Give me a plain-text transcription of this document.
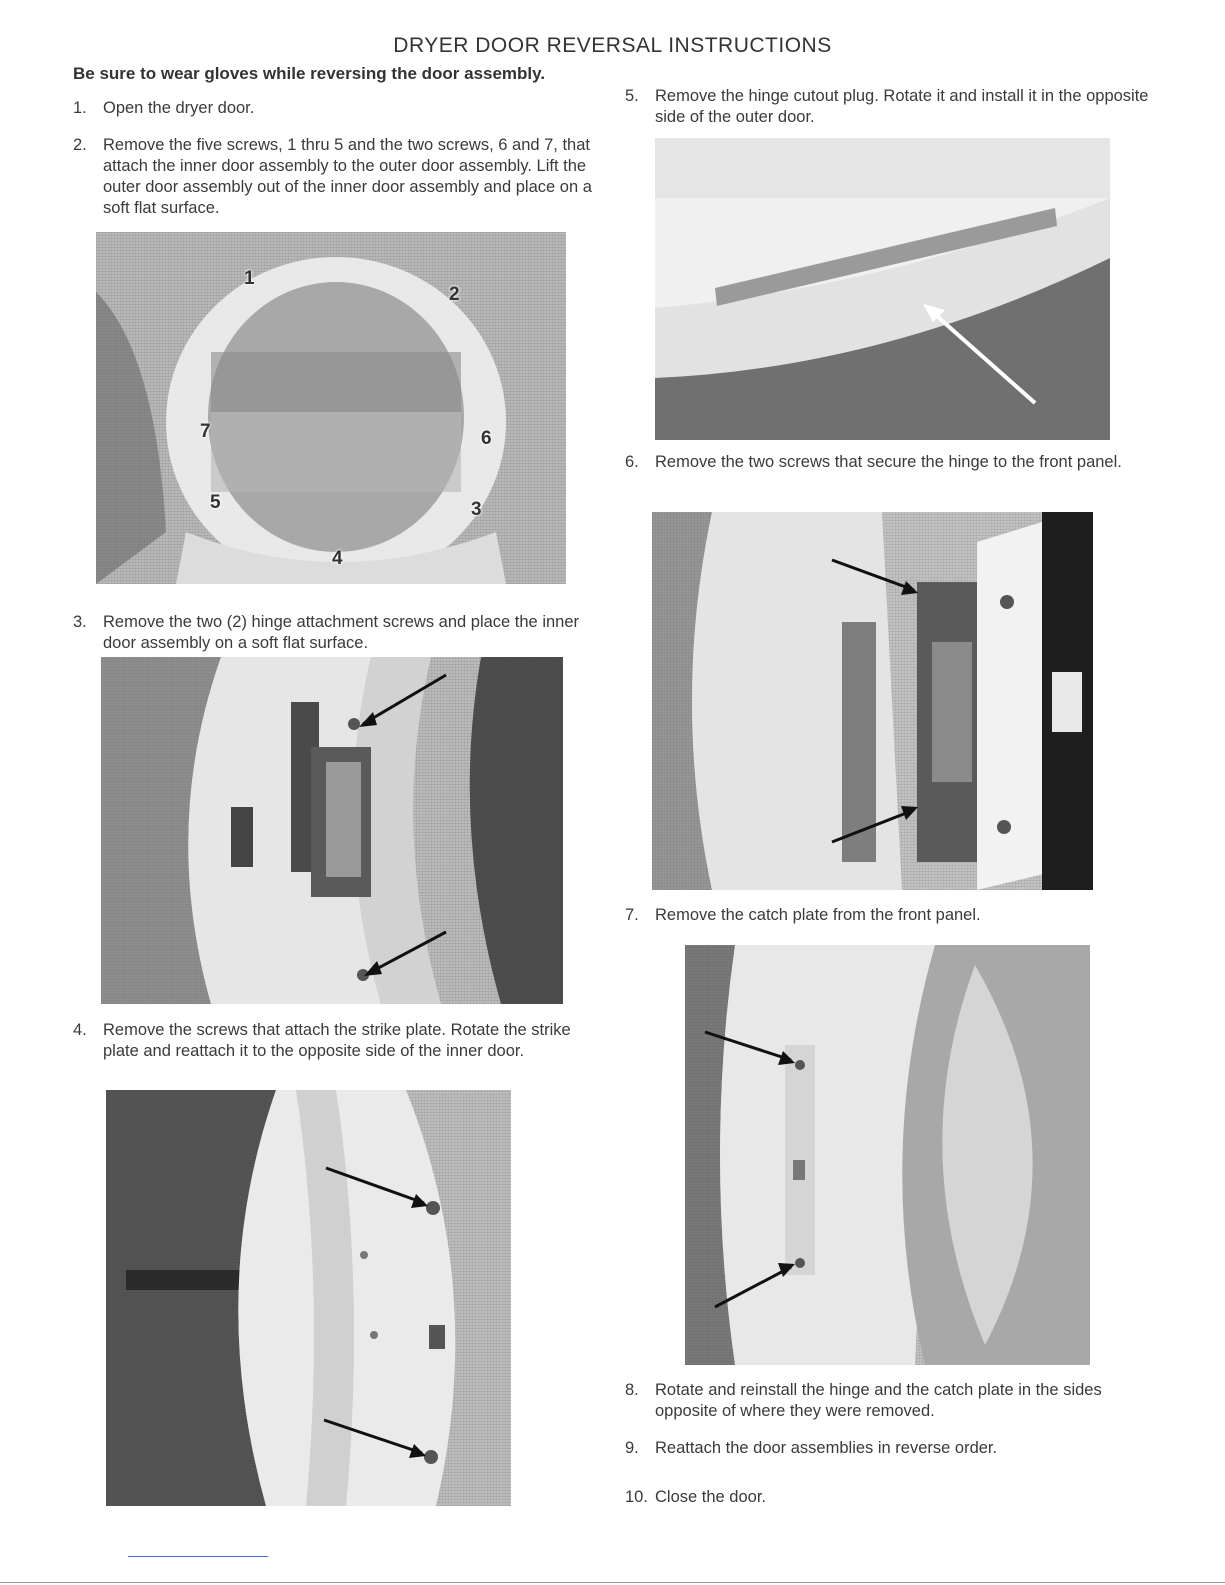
DRYER DOOR REVERSAL INSTRUCTIONS
Be sure to wear gloves while reversing the door assembly.
1. Open the dryer door.
2. Remove the five screws, 1 thru 5 and the two screws, 6 and 7, that attach the inner door assembly to the outer door assembly. Lift the outer door assembly out of the inner door assembly and place on a soft flat surface.
1
2
3
4
5
6
7
3. Remove the two (2) hinge attachment screws and place the inner door assembly on a soft flat surface.
4. Remove the screws that attach the strike plate. Rotate the strike plate and reattach it to the opposite side of the inner door.
5. Remove the hinge cutout plug. Rotate it and install it in the opposite side of the outer door.
6. Remove the two screws that secure the hinge to the front panel.
7. Remove the catch plate from the front panel.
8. Rotate and reinstall the hinge and the catch plate in the sides opposite of where they were removed.
9. Reattach the door assemblies in reverse order.
10. Close the door.
